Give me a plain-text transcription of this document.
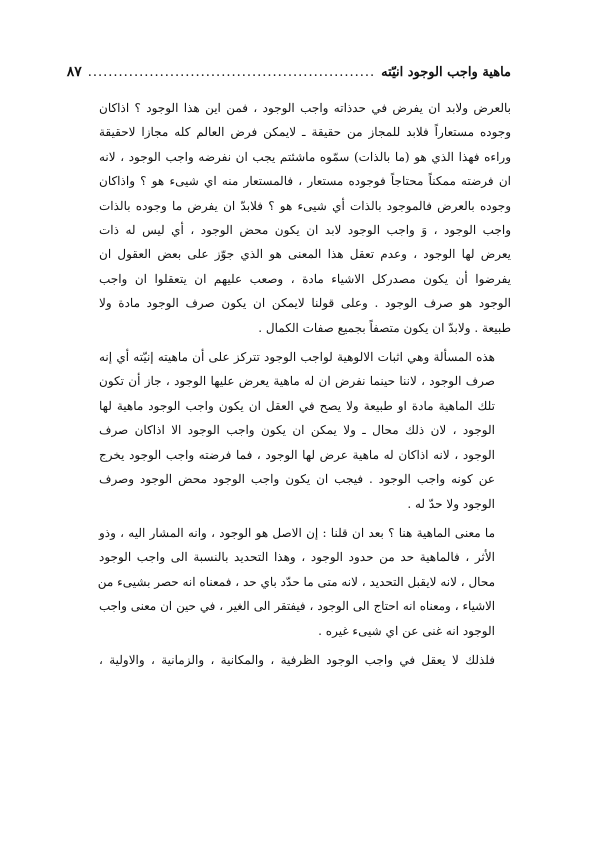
ماهية واجب الوجود انيّته
........................................................
٨٧

بالعرض ولابد ان يفرض في حدذاته واجب الوجود ، فمن اين هذا الوجود ؟ اذاكان
وجوده مستعاراً فلابد للمجاز من حقيقة ـ لايمكن فرض العالم كله مجازا لاحقيقة
وراءه فهذا الذي هو (ما بالذات) سمّوه ماشئتم يجب ان نفرضه واجب الوجود ، لانه
ان فرضته ممكناً محتاجاً فوجوده مستعار ، فالمستعار منه اي شيىء هو ؟ واذاكان
وجوده بالعرض فالموجود بالذات أي شيىء هو ؟ فلابدّ ان يفرض ما وجوده بالذات
واجب الوجود ، وَ واجب الوجود لابد ان يكون محض الوجود ، أي ليس له ذات
يعرض لها الوجود ، وعدم تعقل هذا المعنى هو الذي جوّز على بعض العقول ان
يفرضوا أن يكون مصدركل الاشياء مادة ، وصعب عليهم ان يتعقلوا ان واجب
الوجود هو صرف الوجود . وعلى قولنا لايمكن ان يكون صرف الوجود مادة ولا
طبيعة . ولابدّ ان يكون متصفاً بجميع صفات الكمال .

هذه المسألة وهي اثبات الالوهية لواجب الوجود تتركز على أن ماهيته إنيّته أي إنه
صرف الوجود ، لاننا حينما نفرض ان له ماهية يعرض عليها الوجود ، جاز أن تكون
تلك الماهية مادة او طبيعة ولا يصح في العقل ان يكون واجب الوجود ماهية لها
الوجود ، لان ذلك محال ـ ولا يمكن ان يكون واجب الوجود الا اذاكان صرف
الوجود ، لانه اذاكان له ماهية عرض لها الوجود ، فما فرضته واجب الوجود يخرج
عن كونه واجب الوجود . فيجب ان يكون واجب الوجود محض الوجود وصرف
الوجود ولا حدّ له .

ما معنى الماهية هنا ؟ بعد ان قلنا : إن الاصل هو الوجود ، وانه المشار اليه ، وذو
الأثر ، فالماهية حد من حدود الوجود ، وهذا التحديد بالنسبة الى واجب الوجود
محال ، لانه لايقبل التحديد ، لانه متى ما حدّد باي حد ، فمعناه انه حصر بشيىء من
الاشياء ، ومعناه انه احتاج الى الوجود ، فيفتقر الى الغير ، في حين ان معنى واجب
الوجود انه غنى عن اي شيىء غيره .

فلذلك لا يعقل في واجب الوجود الظرفية ، والمكانية ، والزمانية ، والاولية ،
